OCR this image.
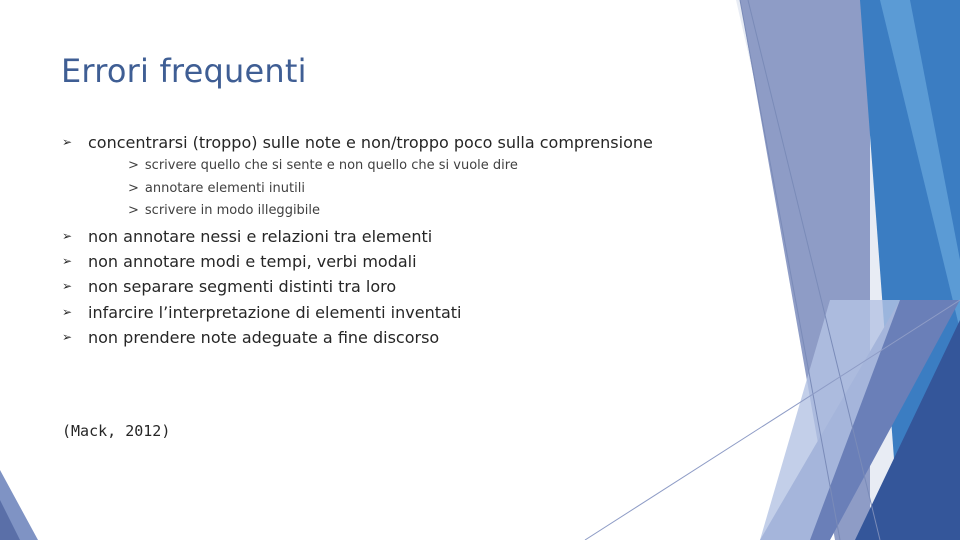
Errori frequenti
➢ concentrarsi (troppo) sulle note e non/troppo poco sulla comprensione
> scrivere quello che si sente e non quello che si vuole dire
> annotare elementi inutili
> scrivere in modo illeggibile
➢ non annotare nessi e relazioni tra elementi
➢ non annotare modi e tempi, verbi modali
➢ non separare segmenti distinti tra loro
➢ infarcire l’interpretazione di elementi inventati
➢ non prendere note adeguate a fine discorso
(Mack, 2012)
